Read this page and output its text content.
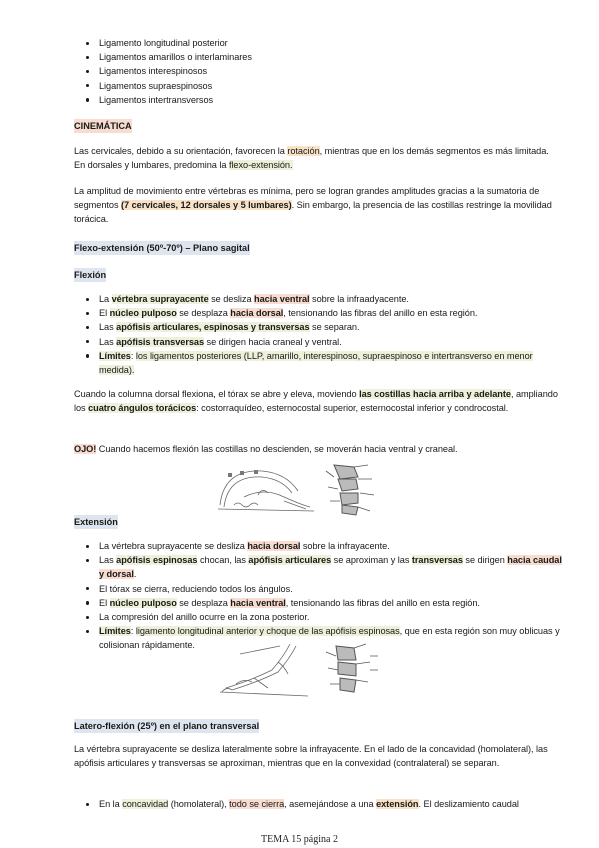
Ligamento longitudinal posterior
Ligamentos amarillos o interlaminares
Ligamentos interespinosos
Ligamentos supraespinosos
Ligamentos intertransversos
CINEMÁTICA
Las cervicales, debido a su orientación, favorecen la rotación, mientras que en los demás segmentos es más limitada. En dorsales y lumbares, predomina la flexo-extensión.
La amplitud de movimiento entre vértebras es mínima, pero se logran grandes amplitudes gracias a la sumatoria de segmentos (7 cervicales, 12 dorsales y 5 lumbares). Sin embargo, la presencia de las costillas restringe la movilidad torácica.
Flexo-extensión (50º-70º) – Plano sagital
Flexión
La vértebra suprayacente se desliza hacia ventral sobre la infraadyacente.
El núcleo pulposo se desplaza hacia dorsal, tensionando las fibras del anillo en esta región.
Las apófisis articulares, espinosas y transversas se separan.
Las apófisis transversas se dirigen hacia craneal y ventral.
Límites: los ligamentos posteriores (LLP, amarillo, interespinoso, supraespinoso e intertransverso en menor medida).
Cuando la columna dorsal flexiona, el tórax se abre y eleva, moviendo las costillas hacia arriba y adelante, ampliando los cuatro ángulos torácicos: costorraquídeo, esternocostal superior, esternocostal inferior y condrocostal.
OJO! Cuando hacemos flexión las costillas no descienden, se moverán hacia ventral y craneal.
Extensión
La vértebra suprayacente se desliza hacia dorsal sobre la infrayacente.
Las apófisis espinosas chocan, las apófisis articulares se aproximan y las transversas se dirigen hacia caudal y dorsal.
El tórax se cierra, reduciendo todos los ángulos.
El núcleo pulposo se desplaza hacia ventral, tensionando las fibras del anillo en esta región.
La compresión del anillo ocurre en la zona posterior.
Límites: ligamento longitudinal anterior y choque de las apófisis espinosas, que en esta región son muy oblicuas y colisionan rápidamente.
Latero-flexión (25º) en el plano transversal
La vértebra suprayacente se desliza lateralmente sobre la infrayacente. En el lado de la concavidad (homolateral), las apófisis articulares y transversas se aproximan, mientras que en la convexidad (contralateral) se separan.
En la concavidad (homolateral), todo se cierra, asemejándose a una extensión. El deslizamiento caudal
TEMA 15 página 2
